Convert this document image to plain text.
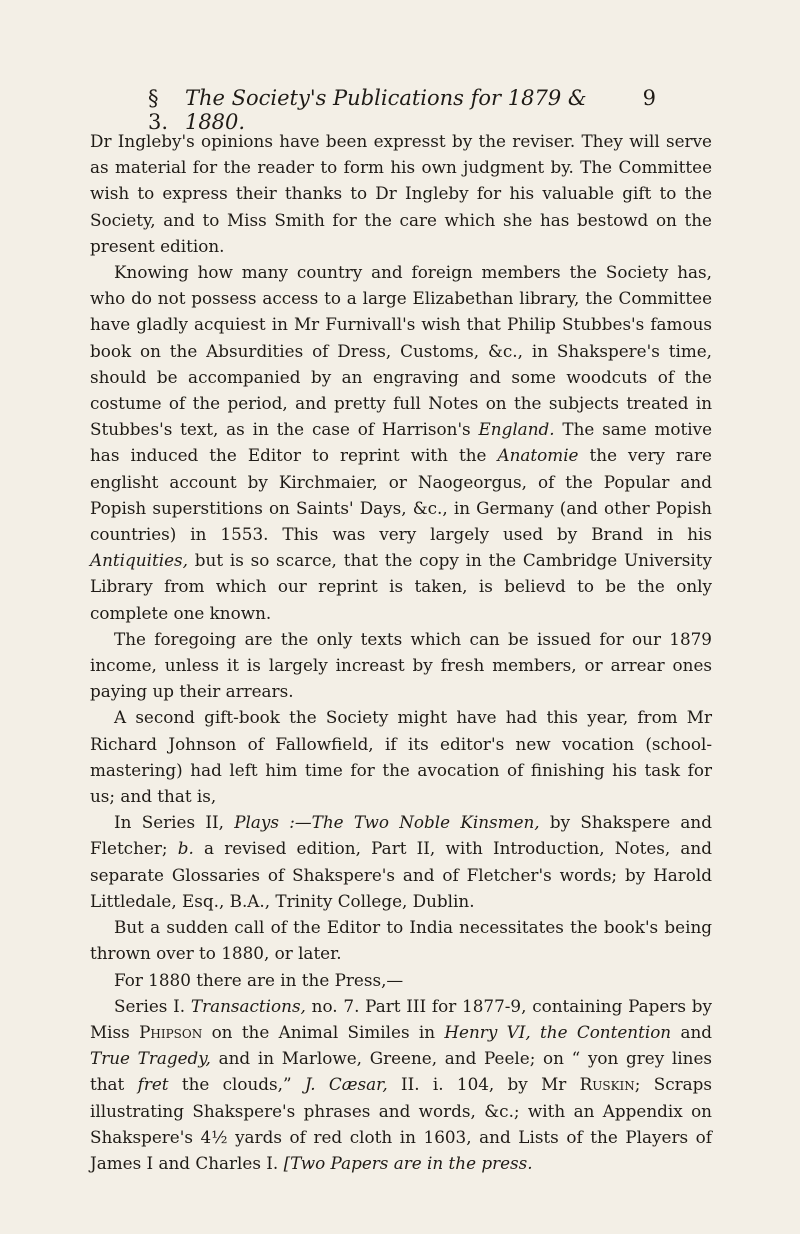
§ 3.
The Society's Publications for 1879 & 1880.
9

Dr Ingleby's opinions have been expresst by the reviser. They will serve as material for the reader to form his own judgment by. The Committee wish to express their thanks to Dr Ingleby for his valuable gift to the Society, and to Miss Smith for the care which she has bestowd on the present edition.

Knowing how many country and foreign members the Society has, who do not possess access to a large Elizabethan library, the Committee have gladly acquiest in Mr Furnivall's wish that Philip Stubbes's famous book on the Absurdities of Dress, Customs, &c., in Shakspere's time, should be accompanied by an engraving and some woodcuts of the costume of the period, and pretty full Notes on the subjects treated in Stubbes's text, as in the case of Harrison's England. The same motive has induced the Editor to reprint with the Anatomie the very rare englisht account by Kirchmaier, or Naogeorgus, of the Popular and Popish superstitions on Saints' Days, &c., in Germany (and other Popish countries) in 1553. This was very largely used by Brand in his Antiquities, but is so scarce, that the copy in the Cambridge University Library from which our reprint is taken, is believd to be the only complete one known.

The foregoing are the only texts which can be issued for our 1879 income, unless it is largely increast by fresh members, or arrear ones paying up their arrears.

A second gift-book the Society might have had this year, from Mr Richard Johnson of Fallowfield, if its editor's new vocation (school-mastering) had left him time for the avocation of finishing his task for us; and that is,

In Series II, Plays :—The Two Noble Kinsmen, by Shakspere and Fletcher; b. a revised edition, Part II, with Introduction, Notes, and separate Glossaries of Shakspere's and of Fletcher's words; by Harold Littledale, Esq., B.A., Trinity College, Dublin.

But a sudden call of the Editor to India necessitates the book's being thrown over to 1880, or later.

For 1880 there are in the Press,—

Series I. Transactions, no. 7. Part III for 1877-9, containing Papers by Miss Phipson on the Animal Similes in Henry VI, the Contention and True Tragedy, and in Marlowe, Greene, and Peele; on “ yon grey lines that fret the clouds,” J. Cæsar, II. i. 104, by Mr Ruskin; Scraps illustrating Shakspere's phrases and words, &c.; with an Appendix on Shakspere's 4½ yards of red cloth in 1603, and Lists of the Players of James I and Charles I. [Two Papers are in the press.
